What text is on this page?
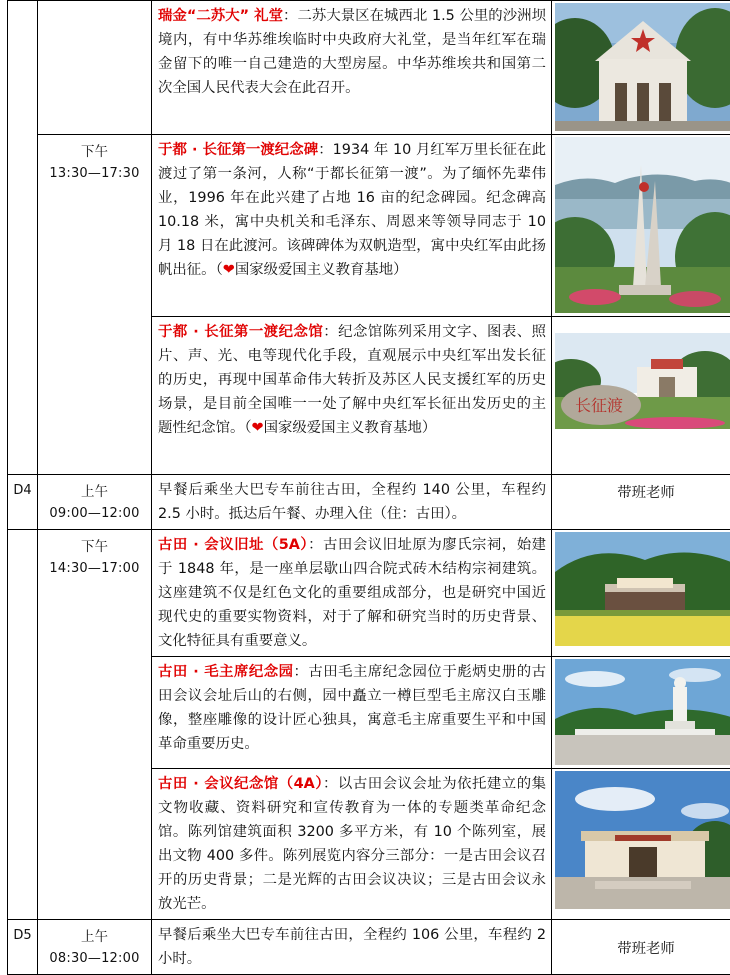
		瑞金“二苏大” 礼堂：二苏大景区在城西北 1.5 公里的沙洲坝境内，有中华苏维埃临时中央政府大礼堂，是当年红军在瑞金留下的唯一自己建造的大型房屋。中华苏维埃共和国第二次全国人民代表大会在此召开。	

	下午
13:30—17:30	于都 · 长征第一渡纪念碑：1934 年 10 月红军万里长征在此渡过了第一条河，人称“于都长征第一渡”。为了缅怀先辈伟业，1996 年在此兴建了占地 16 亩的纪念碑园。纪念碑高 10.18 米，寓中央机关和毛泽东、周恩来等领导同志于 10 月 18 日在此渡河。该碑碑体为双帆造型，寓中央红军由此扬帆出征。（❤国家级爱国主义教育基地）	

		于都 · 长征第一渡纪念馆：纪念馆陈列采用文字、图表、照片、声、光、电等现代化手段，直观展示中央红军出发长征的历史，再现中国革命伟大转折及苏区人民支援红军的历史场景，是目前全国唯一一处了解中央红军长征出发历史的主题性纪念馆。（❤国家级爱国主义教育基地）	长征渡

D4	上午
09:00—12:00	早餐后乘坐大巴专车前往古田，全程约 140 公里，车程约 2.5 小时。抵达后午餐、办理入住（住：古田）。	带班老师

	下午
14:30—17:00	古田 · 会议旧址（5A）：古田会议旧址原为廖氏宗祠，始建于 1848 年，是一座单层歇山四合院式砖木结构宗祠建筑。这座建筑不仅是红色文化的重要组成部分，也是研究中国近现代史的重要实物资料，对于了解和研究当时的历史背景、文化特征具有重要意义。	

		古田 · 毛主席纪念园：古田毛主席纪念园位于彪炳史册的古田会议会址后山的右侧，园中矗立一樽巨型毛主席汉白玉雕像，整座雕像的设计匠心独具，寓意毛主席重要生平和中国革命重要历史。	

		古田 · 会议纪念馆（4A）：以古田会议会址为依托建立的集文物收藏、资料研究和宣传教育为一体的专题类革命纪念馆。陈列馆建筑面积 3200 多平方米，有 10 个陈列室，展出文物 400 多件。陈列展览内容分三部分：一是古田会议召开的历史背景；二是光辉的古田会议决议；三是古田会议永放光芒。	

D5	上午
08:30—12:00	早餐后乘坐大巴专车前往古田，全程约 106 公里，车程约 2 小时。	带班老师
